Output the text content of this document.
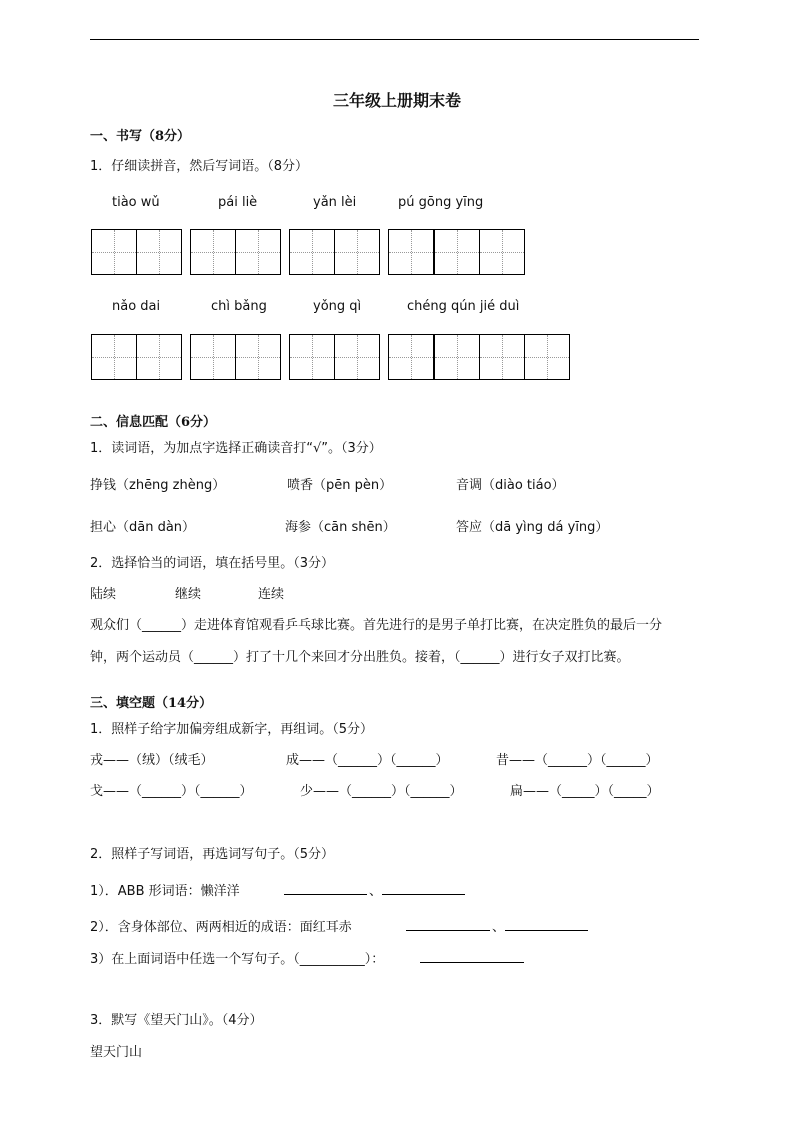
三年级上册期末卷
一、书写（8分）
1．仔细读拼音，然后写词语。（8分）
tiào wǔ	pái liè	yǎn lèi	pú gōng yīng
nǎo dai	chì bǎng	yǒng qì	chéng qún jié duì
二、信息匹配（6分）
1．读词语，为加点字选择正确读音打“√”。（3分）
挣钱（zhēng zhèng）	喷香（pēn pèn）	音调（diào tiáo）
担心（dān dàn）	海参（cān shēn）	答应（dā yìng dá yīng）
2．选择恰当的词语，填在括号里。（3分）
陆续	继续	连续
观众们（______）走进体育馆观看乒乓球比赛。首先进行的是男子单打比赛，在决定胜负的最后一分
钟，两个运动员（______）打了十几个来回才分出胜负。接着，（______）进行女子双打比赛。
三、填空题（14分）
1．照样子给字加偏旁组成新字，再组词。（5分）
戎——（绒）（绒毛）	成——（______）（______）	昔——（______）（______）
戈——（______）（______）	少——（______）（______）	扁——（_____）（_____）
2．照样子写词语，再选词写句子。（5分）
1）．ABB 形词语：懒洋洋	、
2）．含身体部位、两两相近的成语：面红耳赤	、
3）在上面词语中任选一个写句子。（__________）：
3．默写《望天门山》。（4分）
望天门山
